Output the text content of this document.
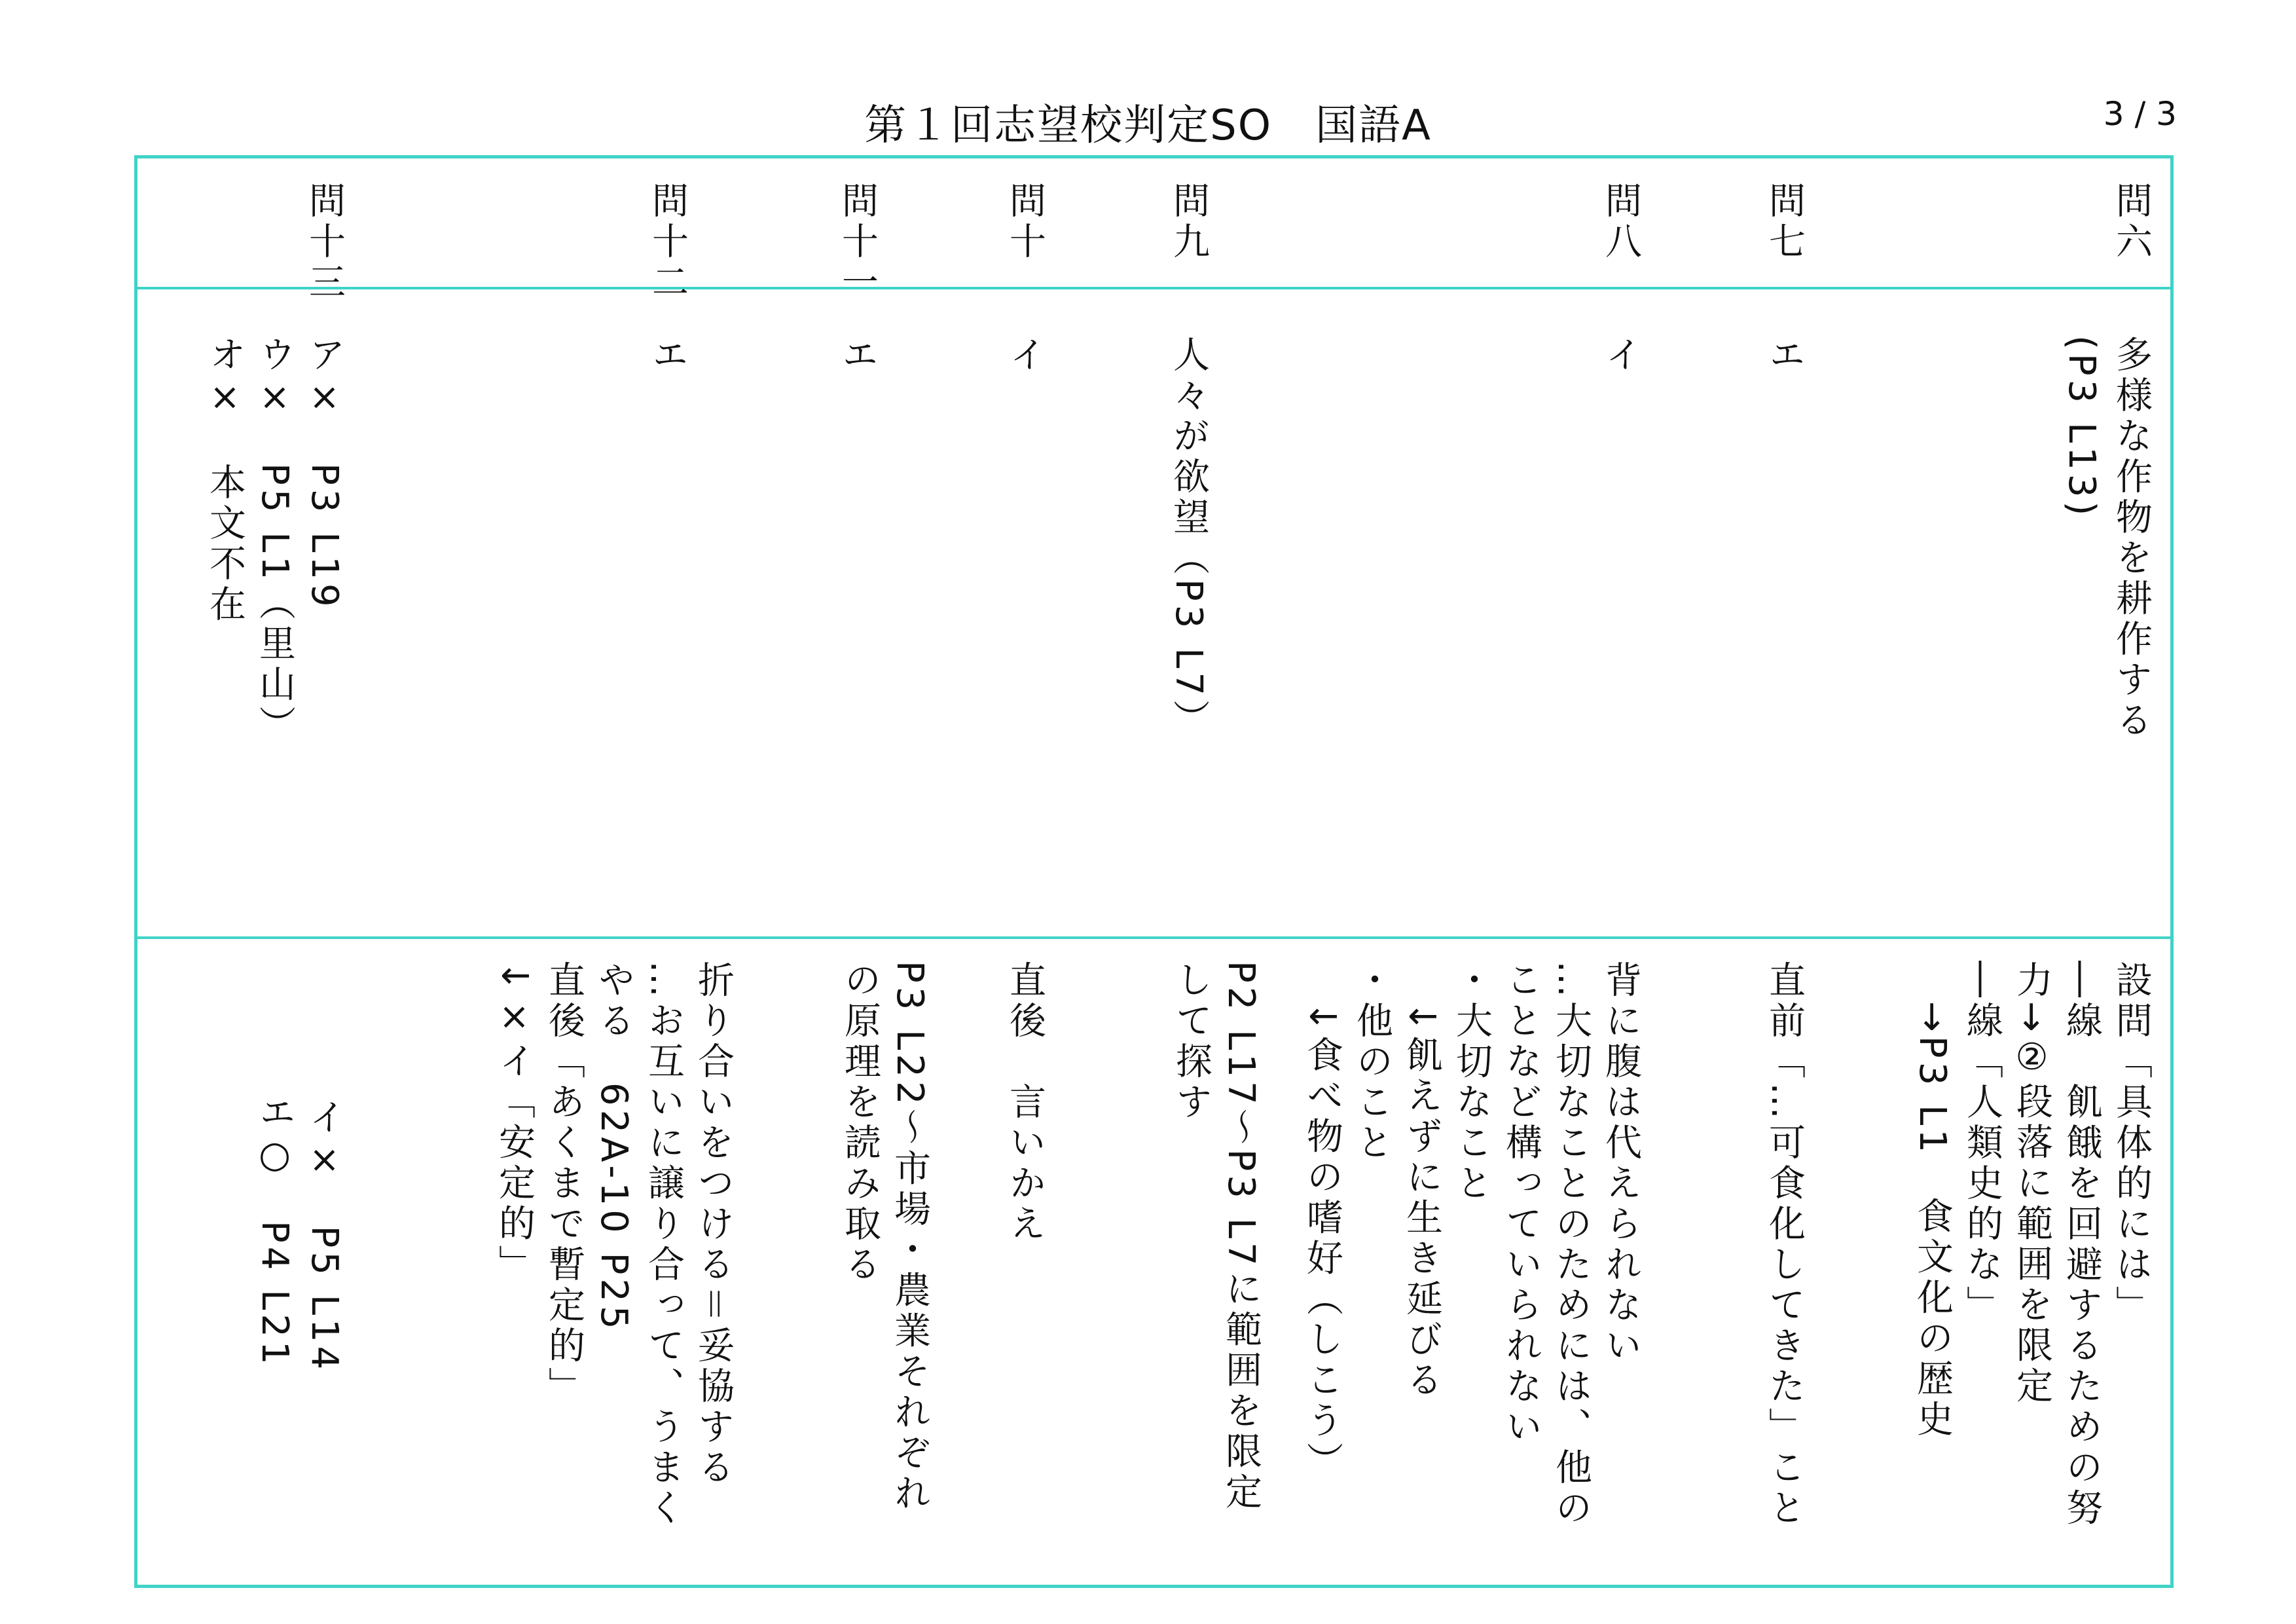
第１回志望校判定SO　国語A	3 / 3
問六
多様な作物を耕作する
(P3 L13)
設問「具体的には」
―線　飢餓を回避するための努
力→②段落に範囲を限定
―線「人類史的な」
　→P3 L1　食文化の歴史
問七
エ
直前「…可食化してきた」こと
問八
イ
背に腹は代えられない
…大切なことのためには、他の
ことなど構っていられない
・大切なこと
　↓飢えずに生き延びる
・他のこと
　↓食べ物の嗜好（しこう）
問九
人々が欲望（P3 L7）
P2 L17～P3 L7に範囲を限定
して探す
問十
イ
直後　言いかえ
問十一
エ
P3 L22～市場・農業それぞれ
の原理を読み取る
問十二
エ
折り合いをつける＝妥協する
…お互いに譲り合って、うまく
やる　62A-10 P25
直後「あくまで暫定的」
↓×イ「安定的」
問十三
ア×　P3 L19　　　　　　　　　　　　イ×　P5 L14
ウ×　P5 L1（里山）　　　　　　　　　エ○　P4 L21
オ×　本文不在
